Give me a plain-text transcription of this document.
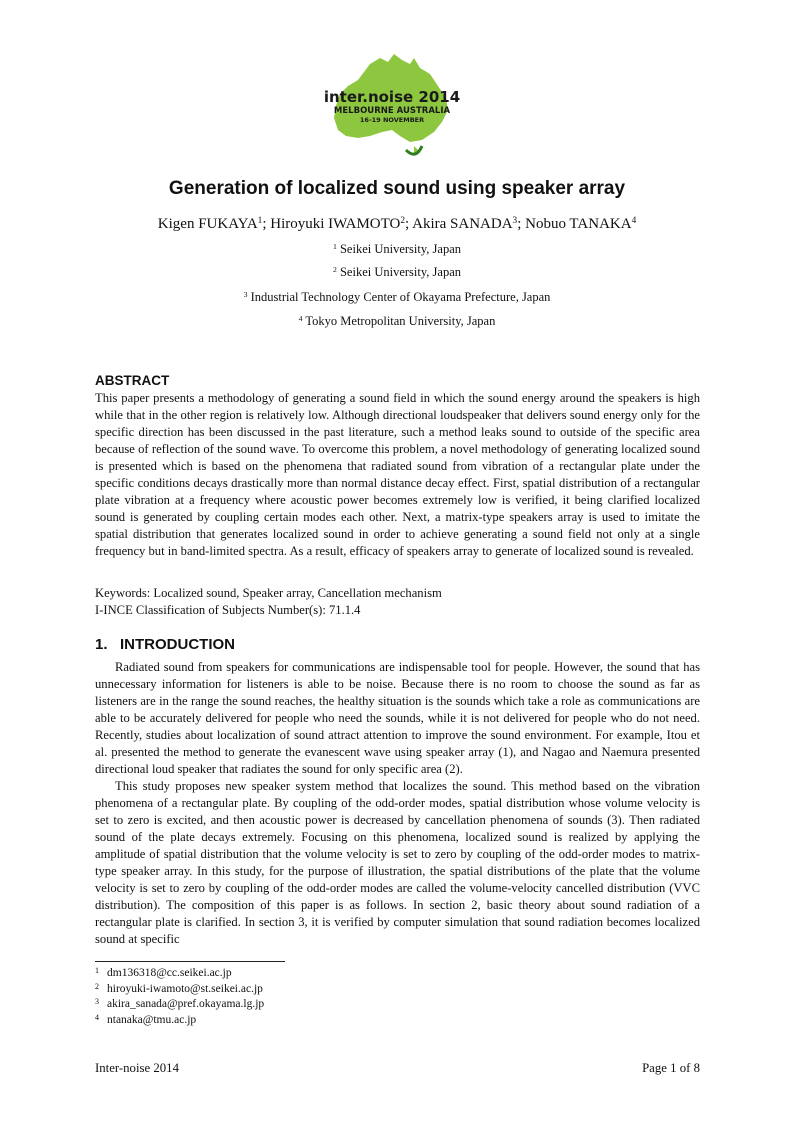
inter.noise 2014
MELBOURNE AUSTRALIA
16-19 NOVEMBER
Generation of localized sound using speaker array
Kigen FUKAYA$^1$; Hiroyuki IWAMOTO$^2$; Akira SANADA$^3$; Nobuo TANAKA$^4$
$^1$ Seikei University, Japan
$^2$ Seikei University, Japan
$^3$ Industrial Technology Center of Okayama Prefecture, Japan
$^4$ Tokyo Metropolitan University, Japan
ABSTRACT

This paper presents a methodology of generating a sound field in which the sound energy around the speakers is high while that in the other region is relatively low. Although directional loudspeaker that delivers sound energy only for the specific direction has been discussed in the past literature, such a method leaks sound to outside of the specific area because of reflection of the sound wave. To overcome this problem, a novel methodology of generating localized sound is presented which is based on the phenomena that radiated sound from vibration of a rectangular plate under the specific conditions decays drastically more than normal distance decay effect. First, spatial distribution of a rectangular plate vibration at a frequency where acoustic power becomes extremely low is verified, it being clarified localized sound is generated by coupling certain modes each other. Next, a matrix-type speakers array is used to imitate the spatial distribution that generates localized sound in order to achieve generating a sound field not only at a single frequency but in band-limited spectra. As a result, efficacy of speakers array to generate of localized sound is revealed.

Keywords: Localized sound, Speaker array, Cancellation mechanism
I-INCE Classification of Subjects Number(s): 71.1.4
1.   INTRODUCTION

Radiated sound from speakers for communications are indispensable tool for people. However, the sound that has unnecessary information for listeners is able to be noise. Because there is no room to choose the sound as far as listeners are in the range the sound reaches, the healthy situation is the sounds which take a role as communications are able to be accurately delivered for people who need the sounds, while it is not delivered for people who do not need. Recently, studies about localization of sound attract attention to improve the sound environment. For example, Itou et al. presented the method to generate the evanescent wave using speaker array (1), and Nagao and Naemura presented directional loud speaker that radiates the sound for only specific area (2).

This study proposes new speaker system method that localizes the sound. This method based on the vibration phenomena of a rectangular plate. By coupling of the odd-order modes, spatial distribution whose volume velocity is set to zero is excited, and then acoustic power is decreased by cancellation phenomena of sounds (3). Then radiated sound of the plate decays extremely. Focusing on this phenomena, localized sound is realized by applying the amplitude of spatial distribution that the volume velocity is set to zero by coupling of the odd-order modes to matrix-type speaker array. In this study, for the purpose of illustration, the spatial distributions of the plate that the volume velocity is set to zero by coupling of the odd-order modes are called the volume-velocity cancelled distribution (VVC distribution). The composition of this paper is as follows. In section 2, basic theory about sound radiation of a rectangular plate is clarified. In section 3, it is verified by computer simulation that sound radiation becomes localized sound at specific

1 dm136318@cc.seikei.ac.jp
2 hiroyuki-iwamoto@st.seikei.ac.jp
3 akira_sanada@pref.okayama.lg.jp
4 ntanaka@tmu.ac.jp
Inter-noise 2014	Page 1 of 8
